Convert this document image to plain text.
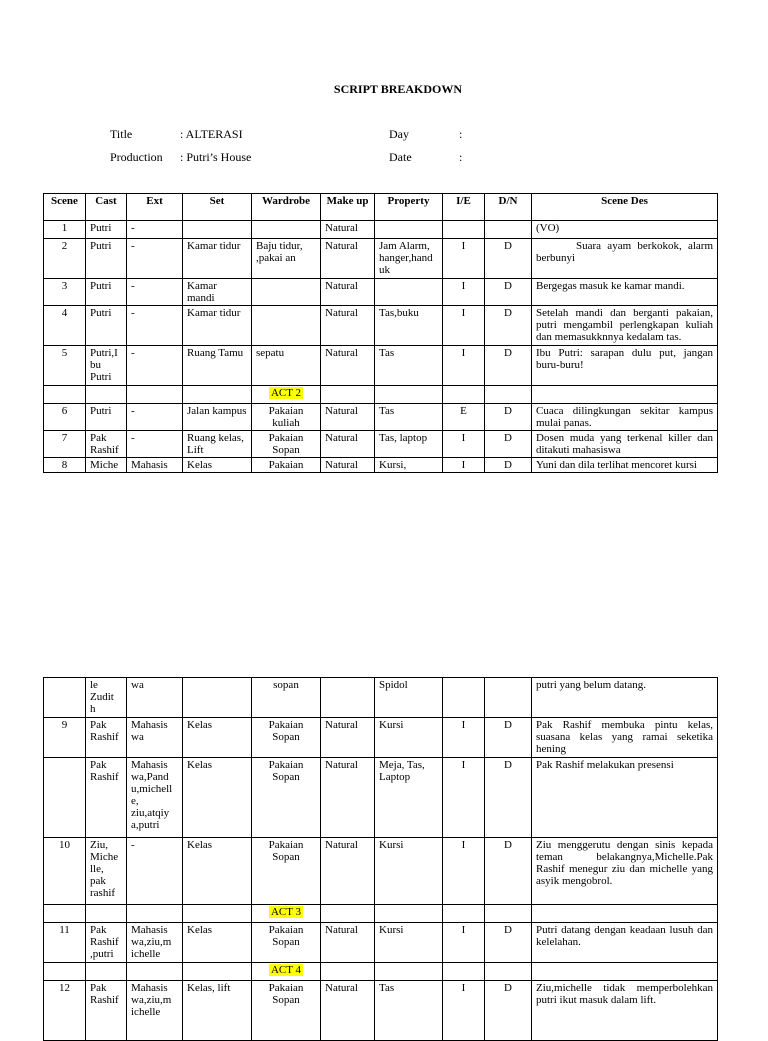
SCRIPT BREAKDOWN
Title	: ALTERASI	Day	:
Production : Putri’s House	Date	:
Scene	Cast	Ext	Set	Wardrobe	Make up	Property	I/E	D/N	Scene Des
1	Putri	-			Natural				(VO)
2	Putri	-	Kamar tidur	Baju tidur, ,pakai an	Natural	Jam Alarm, hanger,hand uk	I	D	Suara ayam berkokok, alarm berbunyi
3	Putri	-	Kamar mandi		Natural		I	D	Bergegas masuk ke kamar mandi.
4	Putri	-	Kamar tidur		Natural	Tas,buku	I	D	Setelah mandi dan berganti pakaian, putri mengambil perlengkapan kuliah dan memasukknnya kedalam tas.
5	Putri,I bu Putri	-	Ruang Tamu	sepatu	Natural	Tas	I	D	Ibu Putri: sarapan dulu put, jangan buru-buru!
				ACT 2					
6	Putri	-	Jalan kampus	Pakaian kuliah	Natural	Tas	E	D	Cuaca dilingkungan sekitar kampus mulai panas.
7	Pak Rashif	-	Ruang kelas, Lift	Pakaian Sopan	Natural	Tas, laptop	I	D	Dosen muda yang terkenal killer dan ditakuti mahasiswa
8	Miche	Mahasis	Kelas	Pakaian	Natural	Kursi,	I	D	Yuni dan dila terlihat mencoret kursi
	le Zudit h	wa		sopan		Spidol			putri yang belum datang.
9	Pak Rashif	Mahasis wa	Kelas	Pakaian Sopan	Natural	Kursi	I	D	Pak Rashif membuka pintu kelas, suasana kelas yang ramai seketika hening
	Pak Rashif	Mahasis wa,Pand u,michell e, ziu,atqiy a,putri	Kelas	Pakaian Sopan	Natural	Meja, Tas, Laptop	I	D	Pak Rashif melakukan presensi
10	Ziu, Miche lle, pak rashif	-	Kelas	Pakaian Sopan	Natural	Kursi	I	D	Ziu menggerutu dengan sinis kepada teman belakangnya,Michelle.Pak Rashif menegur ziu dan michelle yang asyik mengobrol.
				ACT 3					
11	Pak Rashif ,putri	Mahasis wa,ziu,m ichelle	Kelas	Pakaian Sopan	Natural	Kursi	I	D	Putri datang dengan keadaan lusuh dan kelelahan.
				ACT 4					
12	Pak Rashif	Mahasis wa,ziu,m ichelle	Kelas, lift	Pakaian Sopan	Natural	Tas	I	D	Ziu,michelle tidak memperbolehkan putri ikut masuk dalam lift.
